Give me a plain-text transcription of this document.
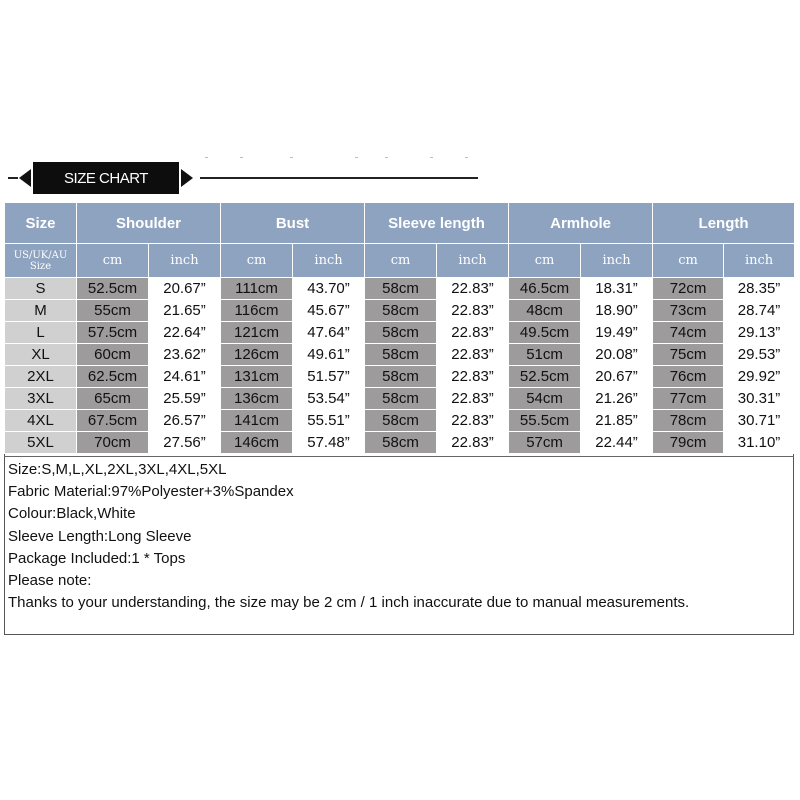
SIZE CHART
Size	Shoulder		Bust		Sleeve length		Armhole		Length	
US/UK/AU Size	cm	inch	cm	inch	cm	inch	cm	inch	cm	inch
S	52.5cm	20.67”	111cm	43.70”	58cm	22.83”	46.5cm	18.31”	72cm	28.35”
M	55cm	21.65”	116cm	45.67”	58cm	22.83”	48cm	18.90”	73cm	28.74”
L	57.5cm	22.64”	121cm	47.64”	58cm	22.83”	49.5cm	19.49”	74cm	29.13”
XL	60cm	23.62”	126cm	49.61”	58cm	22.83”	51cm	20.08”	75cm	29.53”
2XL	62.5cm	24.61”	131cm	51.57”	58cm	22.83”	52.5cm	20.67”	76cm	29.92”
3XL	65cm	25.59”	136cm	53.54”	58cm	22.83”	54cm	21.26”	77cm	30.31”
4XL	67.5cm	26.57”	141cm	55.51”	58cm	22.83”	55.5cm	21.85”	78cm	30.71”
5XL	70cm	27.56”	146cm	57.48”	58cm	22.83”	57cm	22.44”	79cm	31.10”
Size:S,M,L,XL,2XL,3XL,4XL,5XL
Fabric Material:97%Polyester+3%Spandex
Colour:Black,White
Sleeve Length:Long Sleeve
Package Included:1 * Tops
Please note:
Thanks to your understanding, the size may be 2 cm / 1 inch inaccurate due to manual measurements.
